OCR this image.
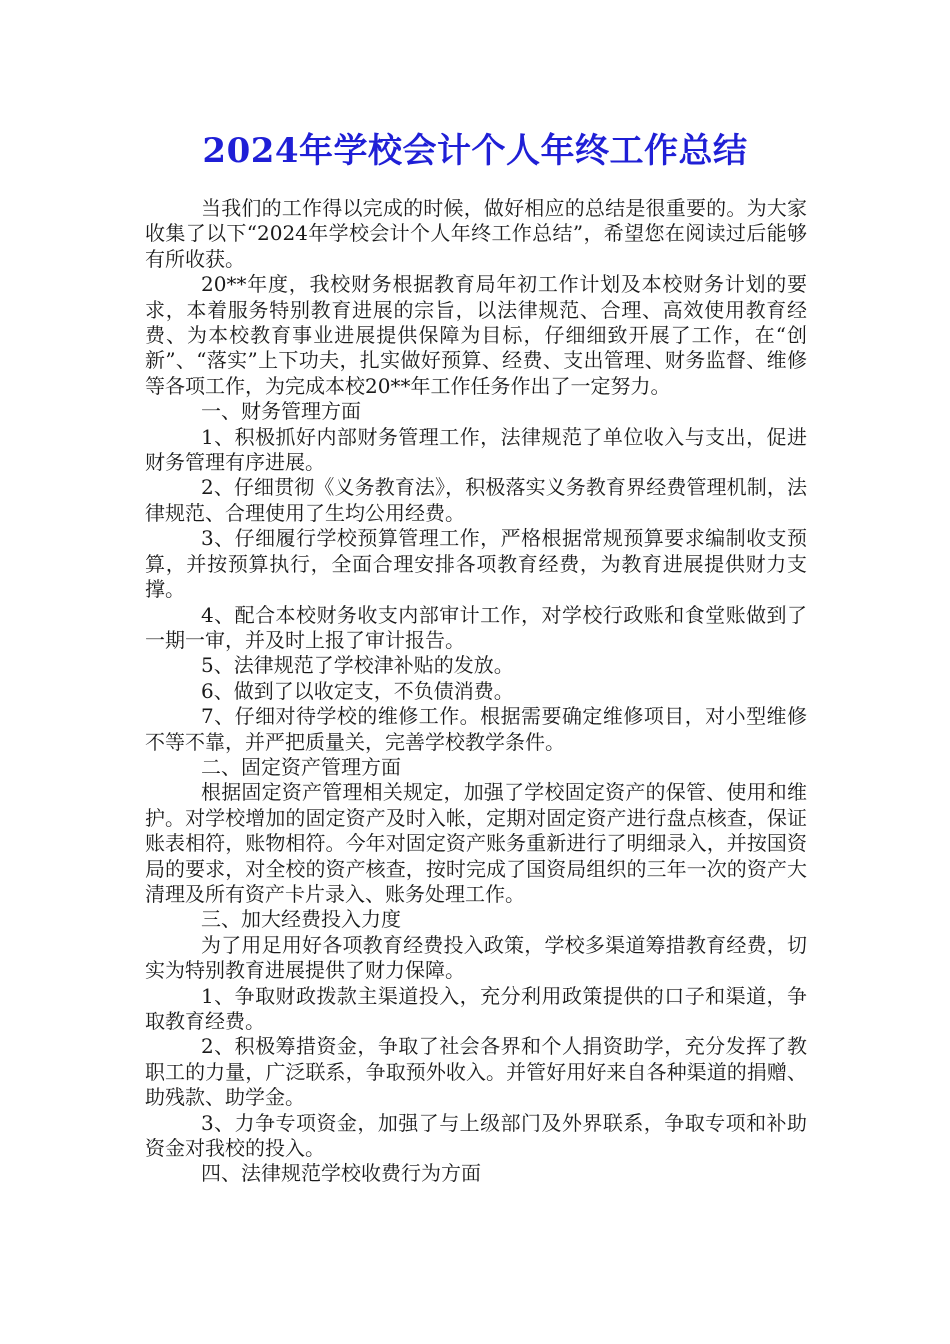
2024年学校会计个人年终工作总结

当我们的工作得以完成的时候，做好相应的总结是很重要的。为大家收集了以下“2024年学校会计个人年终工作总结”，希望您在阅读过后能够有所收获。

20**年度，我校财务根据教育局年初工作计划及本校财务计划的要求，本着服务特别教育进展的宗旨，以法律规范、合理、高效使用教育经费、为本校教育事业进展提供保障为目标，仔细细致开展了工作，在“创新”、“落实”上下功夫，扎实做好预算、经费、支出管理、财务监督、维修等各项工作，为完成本校20**年工作任务作出了一定努力。

一、财务管理方面

1、积极抓好内部财务管理工作，法律规范了单位收入与支出，促进财务管理有序进展。

2、仔细贯彻《义务教育法》，积极落实义务教育界经费管理机制，法律规范、合理使用了生均公用经费。

3、仔细履行学校预算管理工作，严格根据常规预算要求编制收支预算，并按预算执行，全面合理安排各项教育经费，为教育进展提供财力支撑。

4、配合本校财务收支内部审计工作，对学校行政账和食堂账做到了一期一审，并及时上报了审计报告。

5、法律规范了学校津补贴的发放。

6、做到了以收定支，不负债消费。

7、仔细对待学校的维修工作。根据需要确定维修项目，对小型维修不等不靠，并严把质量关，完善学校教学条件。

二、固定资产管理方面

根据固定资产管理相关规定，加强了学校固定资产的保管、使用和维护。对学校增加的固定资产及时入帐，定期对固定资产进行盘点核查，保证账表相符，账物相符。今年对固定资产账务重新进行了明细录入，并按国资局的要求，对全校的资产核查，按时完成了国资局组织的三年一次的资产大清理及所有资产卡片录入、账务处理工作。

三、加大经费投入力度

为了用足用好各项教育经费投入政策，学校多渠道筹措教育经费，切实为特别教育进展提供了财力保障。

1、争取财政拨款主渠道投入，充分利用政策提供的口子和渠道，争取教育经费。

2、积极筹措资金，争取了社会各界和个人捐资助学，充分发挥了教职工的力量，广泛联系，争取预外收入。并管好用好来自各种渠道的捐赠、助残款、助学金。

3、力争专项资金，加强了与上级部门及外界联系，争取专项和补助资金对我校的投入。

四、法律规范学校收费行为方面
